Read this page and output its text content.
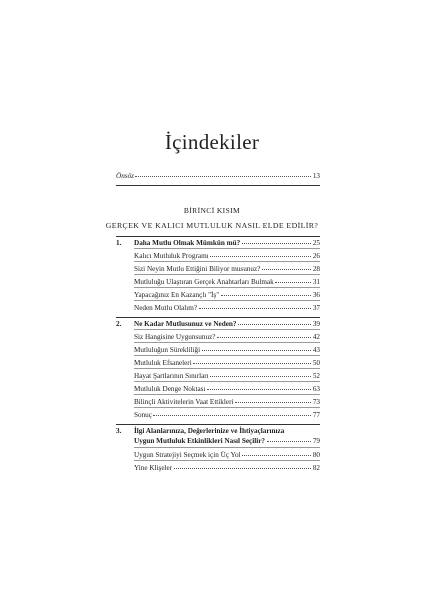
İçindekiler
Önsöz	13
BİRİNCİ KISIM
GERÇEK VE KALICI MUTLULUK NASIL ELDE EDİLİR?
1. Daha Mutlu Olmak Mümkün mü?	25
Kalıcı Mutluluk Programı	26
Sizi Neyin Mutlu Ettiğini Biliyor musunuz?	28
Mutluluğu Ulaştıran Gerçek Anahtarları Bulmak	31
Yapacağınız En Kazançlı "İş"	36
Neden Mutlu Olalım?	37
2. Ne Kadar Mutlusunuz ve Neden?	39
Siz Hangisine Uygunsunuz?	42
Mutluluğun Sürekliliği	43
Mutluluk Efsaneleri	50
Hayat Şartlarının Sınırları	52
Mutluluk Denge Noktası	63
Bilinçli Aktivitelerin Vaat Ettikleri	73
Sonuç	77
3. İlgi Alanlarınıza, Değerlerinize ve İhtiyaçlarınıza
Uygun Mutluluk Etkinlikleri Nasıl Seçilir?	79
Uygun Stratejiyi Seçmek için Üç Yol	80
Yine Klişeler	82
